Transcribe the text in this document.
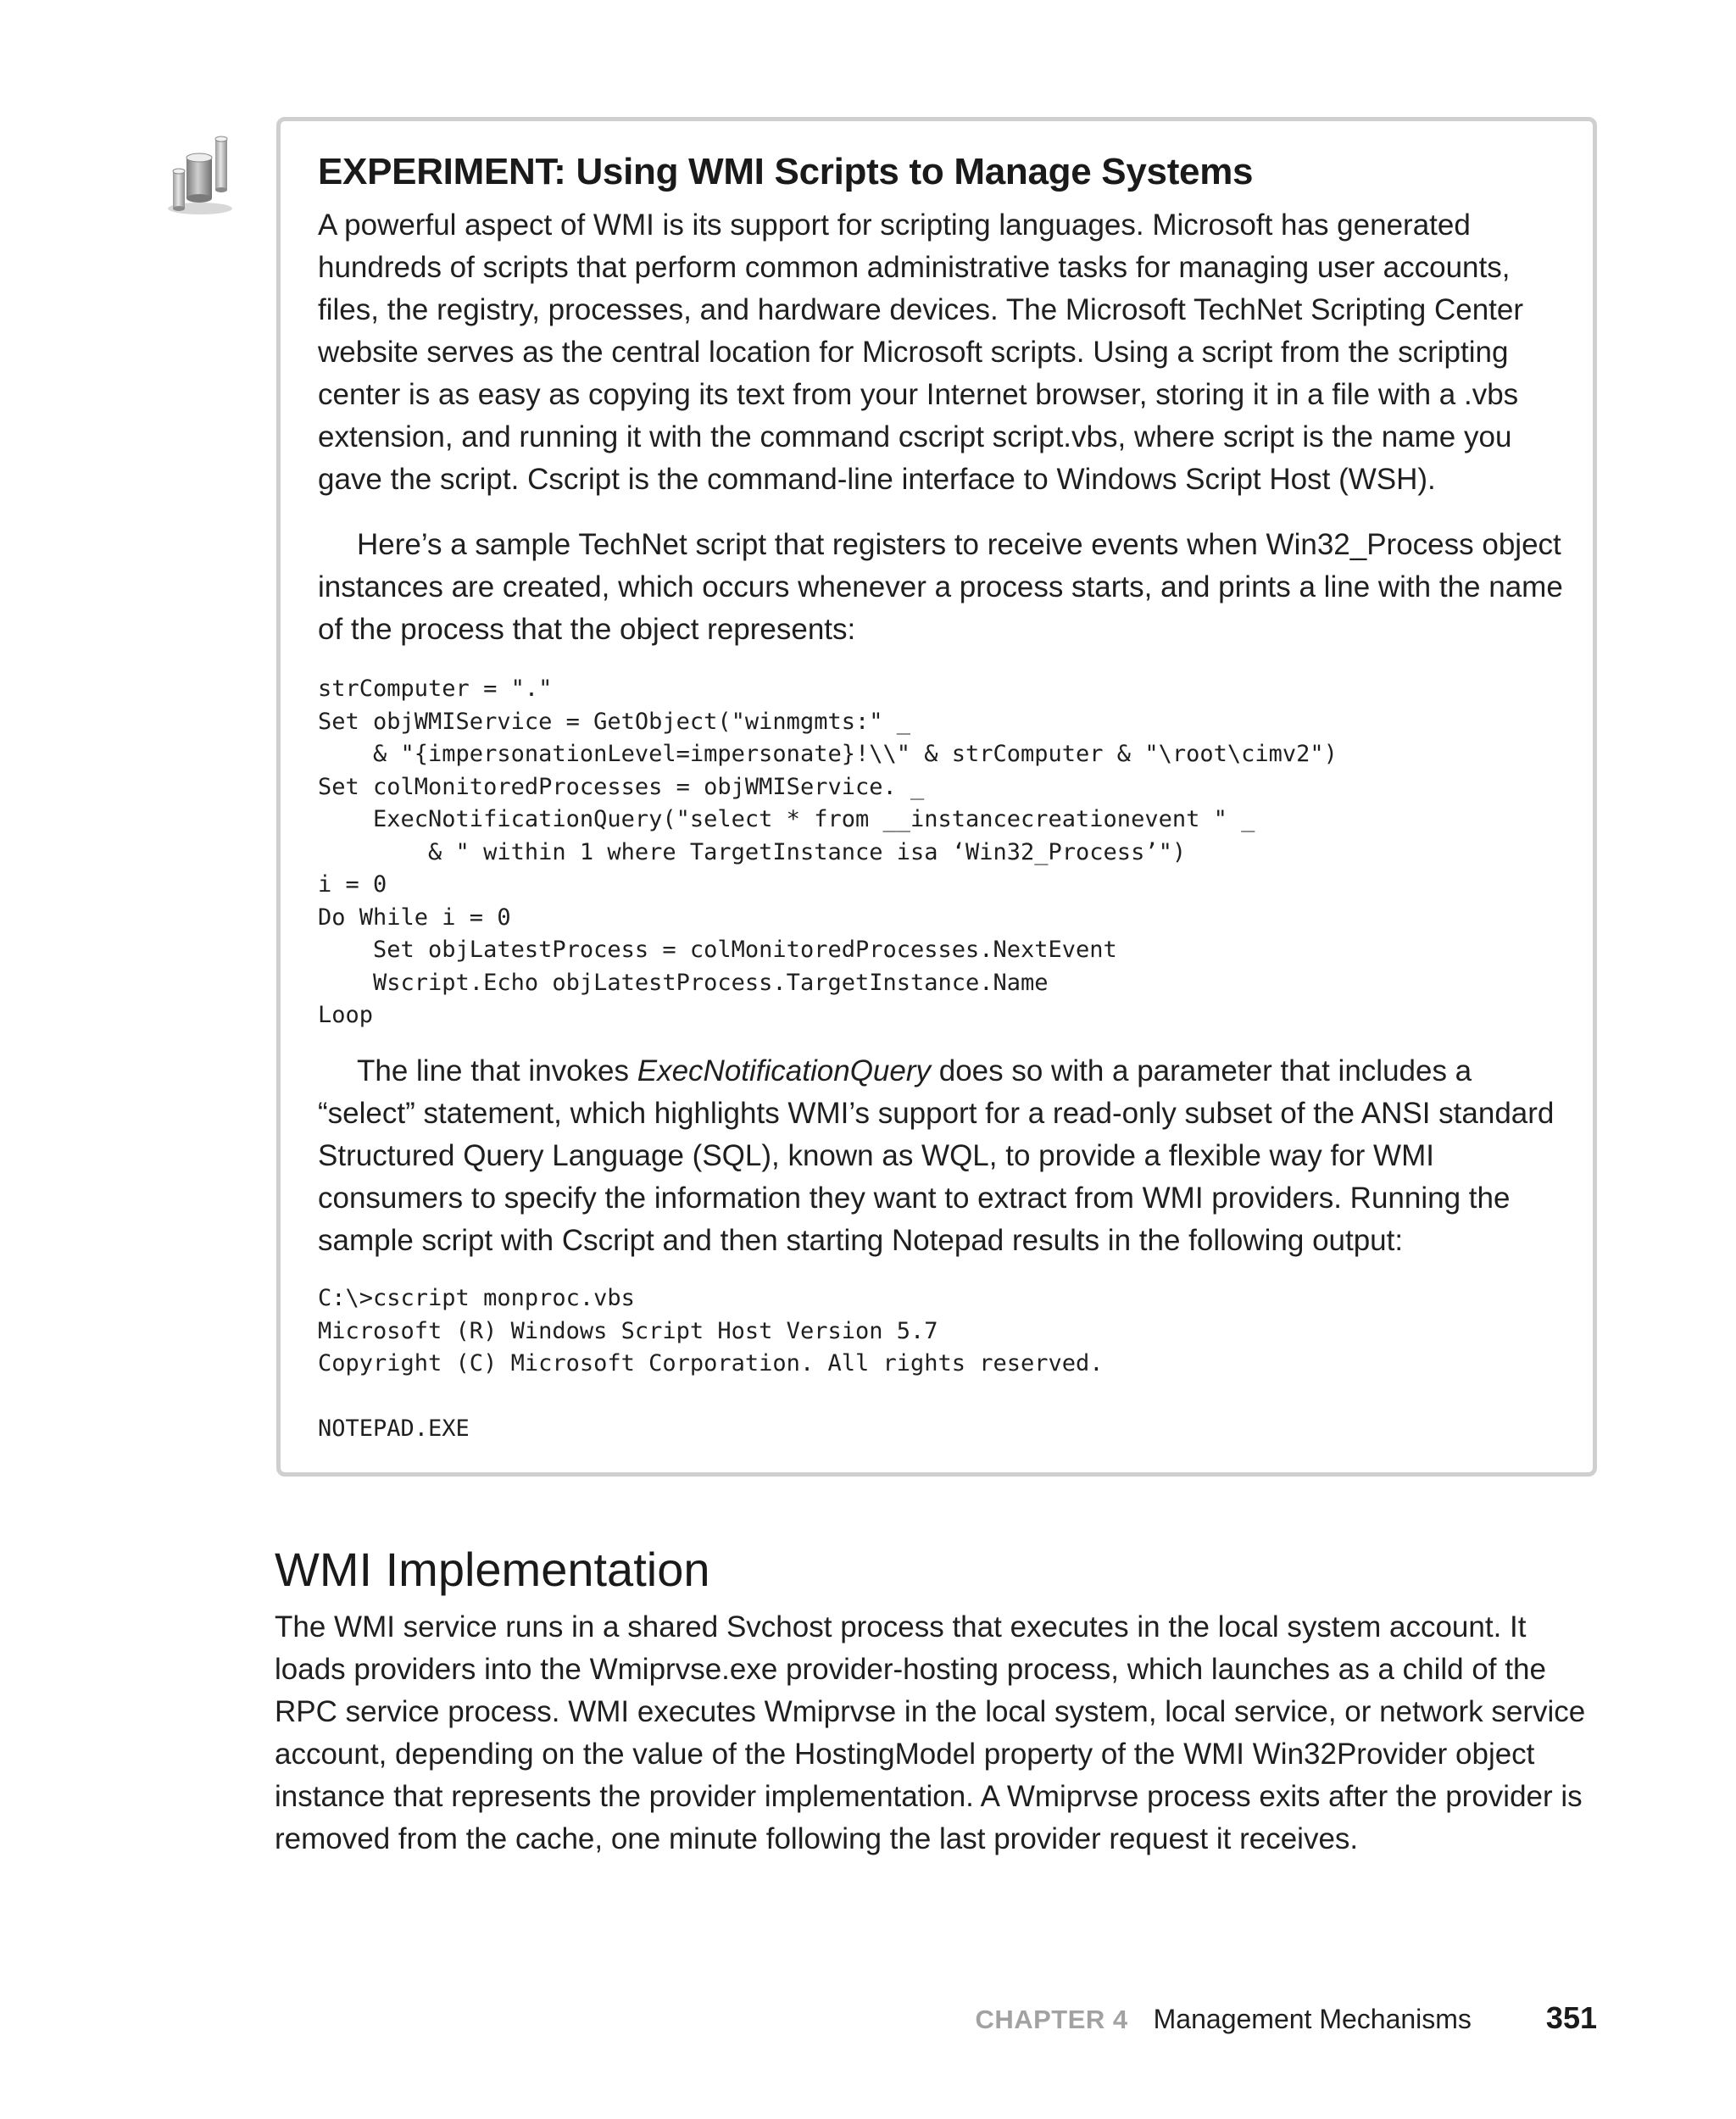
EXPERIMENT: Using WMI Scripts to Manage Systems

A powerful aspect of WMI is its support for scripting languages. Microsoft has generated hundreds of scripts that perform common administrative tasks for managing user accounts, files, the registry, processes, and hardware devices. The Microsoft TechNet Scripting Center website serves as the central location for Microsoft scripts. Using a script from the scripting center is as easy as copying its text from your Internet browser, storing it in a file with a .vbs extension, and running it with the command cscript script.vbs, where script is the name you gave the script. Cscript is the command-line interface to Windows Script Host (WSH).

Here’s a sample TechNet script that registers to receive events when Win32_Process object instances are created, which occurs whenever a process starts, and prints a line with the name of the process that the object represents:

strComputer = "."
Set objWMIService = GetObject("winmgmts:" _
& "{impersonationLevel=impersonate}!\\" & strComputer & "\root\cimv2")
Set colMonitoredProcesses = objWMIService. _
ExecNotificationQuery("select * from __instancecreationevent " _
& " within 1 where TargetInstance isa ‘Win32_Process’")
i = 0
Do While i = 0
Set objLatestProcess = colMonitoredProcesses.NextEvent
Wscript.Echo objLatestProcess.TargetInstance.Name
Loop

The line that invokes ExecNotificationQuery does so with a parameter that includes a “select” statement, which highlights WMI’s support for a read-only subset of the ANSI standard Structured Query Language (SQL), known as WQL, to provide a flexible way for WMI consumers to specify the information they want to extract from WMI providers. Running the sample script with Cscript and then starting Notepad results in the following output:

C:\>cscript monproc.vbs
Microsoft (R) Windows Script Host Version 5.7
Copyright (C) Microsoft Corporation. All rights reserved.
NOTEPAD.EXE
WMI Implementation

The WMI service runs in a shared Svchost process that executes in the local system account. It loads providers into the Wmiprvse.exe provider-hosting process, which launches as a child of the RPC service process. WMI executes Wmiprvse in the local system, local service, or network service account, depending on the value of the HostingModel property of the WMI Win32Provider object instance that represents the provider implementation. A Wmiprvse process exits after the provider is removed from the cache, one minute following the last provider request it receives.

CHAPTER 4 Management Mechanisms 351
